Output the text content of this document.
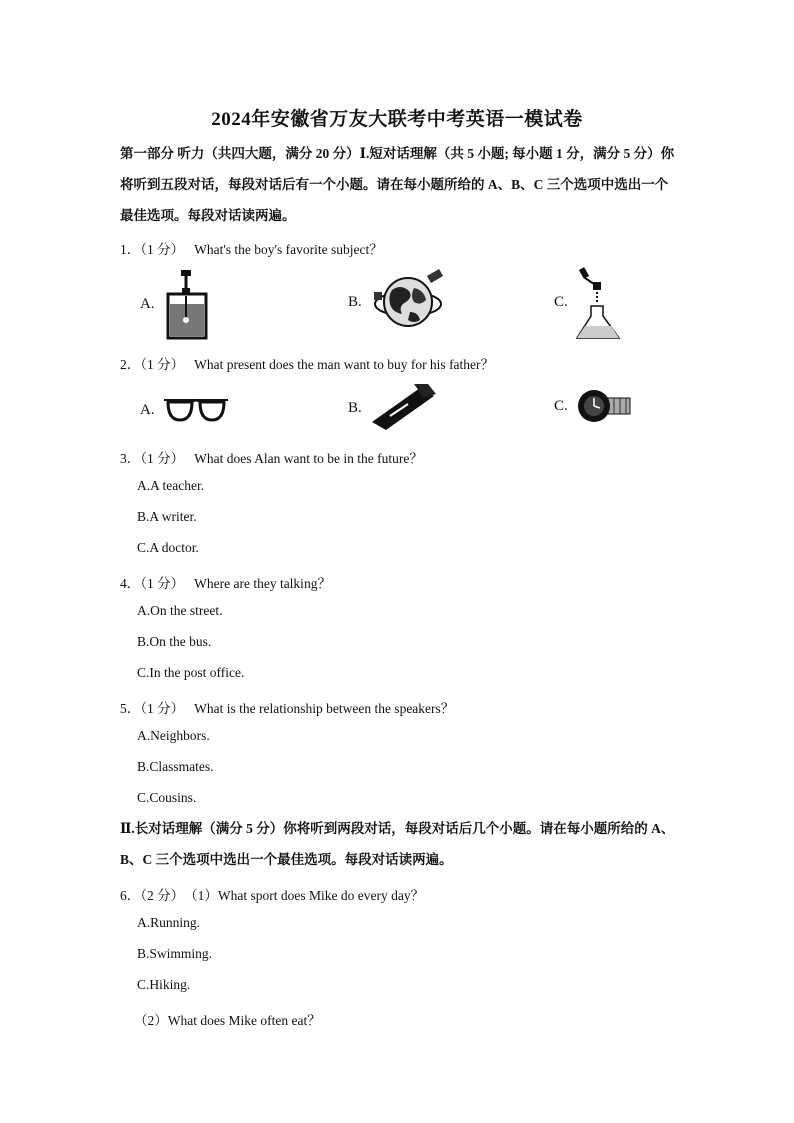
2024年安徽省万友大联考中考英语一模试卷
第一部分 听力（共四大题，满分 20 分）Ⅰ.短对话理解（共 5 小题; 每小题 1 分，满分 5 分）你将听到五段对话，每段对话后有一个小题。请在每小题所给的 A、B、C 三个选项中选出一个最佳选项。每段对话读两遍。
1．（1 分） What's the boy's favorite subject？
A.	B.	C.
2．（1 分） What present does the man want to buy for his father？
A.	B.	C.
3．（1 分） What does Alan want to be in the future？
A.A teacher.
B.A writer.
C.A doctor.
4．（1 分） Where are they talking？
A.On the street.
B.On the bus.
C.In the post office.
5．（1 分） What is the relationship between the speakers？
A.Neighbors.
B.Classmates.
C.Cousins.
Ⅱ.长对话理解（满分 5 分）你将听到两段对话，每段对话后几个小题。请在每小题所给的 A、B、C 三个选项中选出一个最佳选项。每段对话读两遍。
6．（2 分）（1）What sport does Mike do every day？
A.Running.
B.Swimming.
C.Hiking.
（2）What does Mike often eat？
